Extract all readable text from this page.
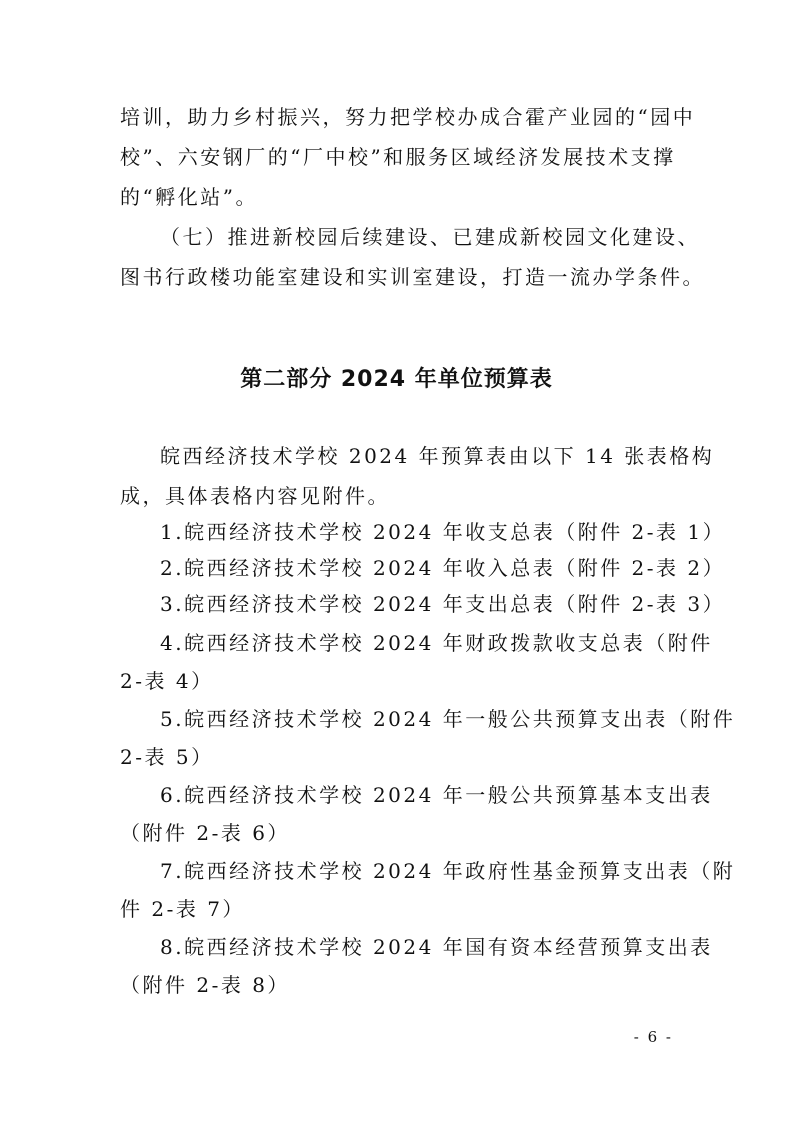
培训，助力乡村振兴，努力把学校办成合霍产业园的“园中
校”、六安钢厂的“厂中校”和服务区域经济发展技术支撑
的“孵化站”。
（七）推进新校园后续建设、已建成新校园文化建设、
图书行政楼功能室建设和实训室建设，打造一流办学条件。
第二部分 2024 年单位预算表
皖西经济技术学校 2024 年预算表由以下 14 张表格构
成，具体表格内容见附件。
1.皖西经济技术学校 2024 年收支总表（附件 2-表 1）
2.皖西经济技术学校 2024 年收入总表（附件 2-表 2）
3.皖西经济技术学校 2024 年支出总表（附件 2-表 3）
4.皖西经济技术学校 2024 年财政拨款收支总表（附件
2-表 4）
5.皖西经济技术学校 2024 年一般公共预算支出表（附件
2-表 5）
6.皖西经济技术学校 2024 年一般公共预算基本支出表
（附件 2-表 6）
7.皖西经济技术学校 2024 年政府性基金预算支出表（附
件 2-表 7）
8.皖西经济技术学校 2024 年国有资本经营预算支出表
（附件 2-表 8）
- 6 -
